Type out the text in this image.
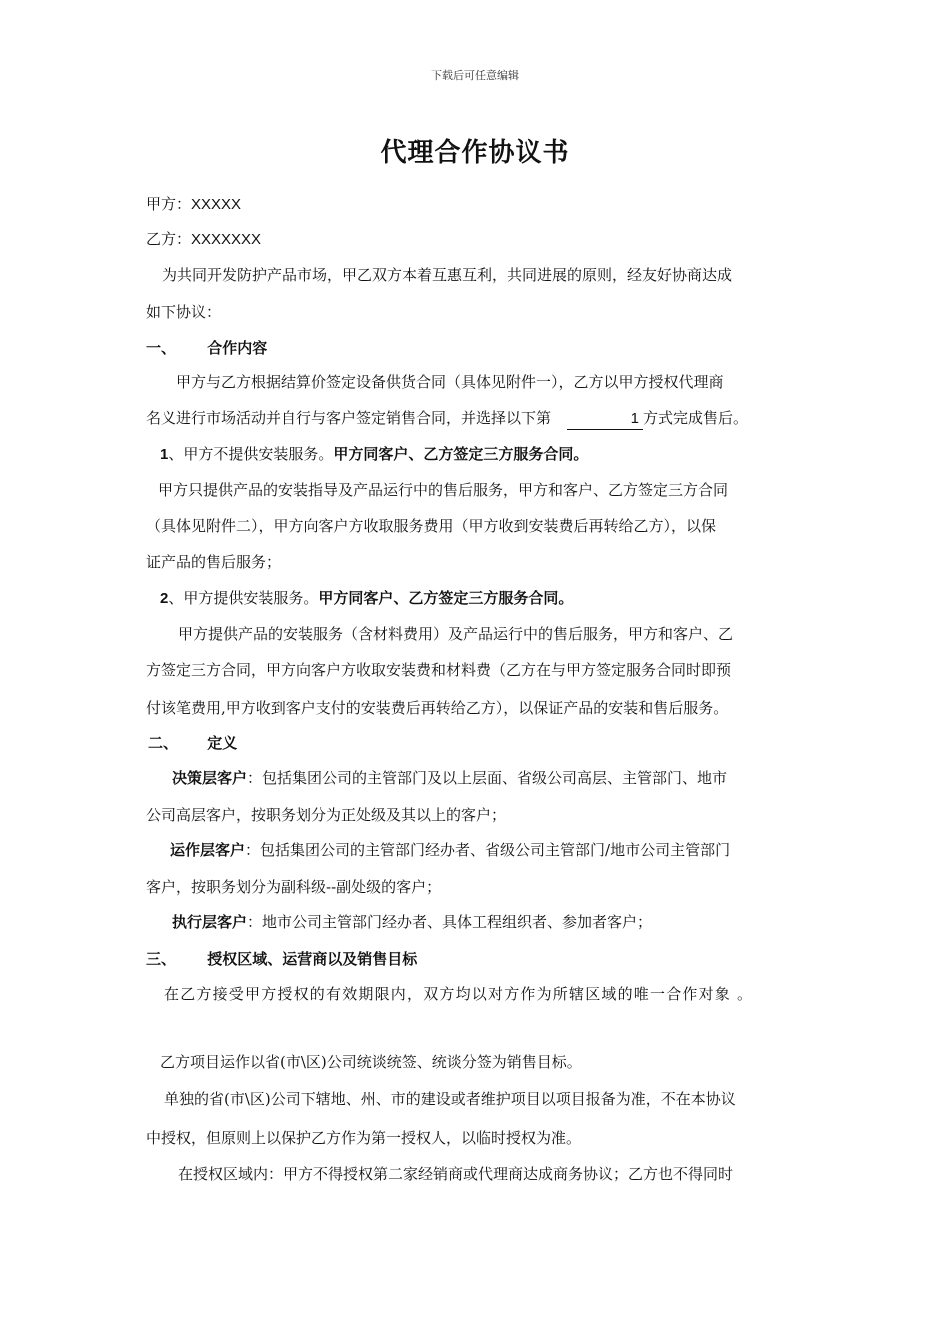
下载后可任意编辑
代理合作协议书
甲方：XXXXX
乙方：XXXXXXX
为共同开发防护产品市场，甲乙双方本着互惠互利，共同进展的原则，经友好协商达成
如下协议：
一、 合作内容
甲方与乙方根据结算价签定设备供货合同（具体见附件一），乙方以甲方授权代理商
名义进行市场活动并自行与客户签定销售合同，并选择以下第	1 方式完成售后。
1、甲方不提供安装服务。甲方同客户、乙方签定三方服务合同。
甲方只提供产品的安装指导及产品运行中的售后服务，甲方和客户、乙方签定三方合同
（具体见附件二），甲方向客户方收取服务费用（甲方收到安装费后再转给乙方），以保
证产品的售后服务；
2、甲方提供安装服务。甲方同客户、乙方签定三方服务合同。
甲方提供产品的安装服务（含材料费用）及产品运行中的售后服务，甲方和客户、乙
方签定三方合同，甲方向客户方收取安装费和材料费（乙方在与甲方签定服务合同时即预
付该笔费用,甲方收到客户支付的安装费后再转给乙方），以保证产品的安装和售后服务。
二、 定义
决策层客户：包括集团公司的主管部门及以上层面、省级公司高层、主管部门、地市
公司高层客户，按职务划分为正处级及其以上的客户；
运作层客户：包括集团公司的主管部门经办者、省级公司主管部门/地市公司主管部门
客户，按职务划分为副科级--副处级的客户；
执行层客户：地市公司主管部门经办者、具体工程组织者、参加者客户；
三、 授权区域、运营商以及销售目标
在乙方接受甲方授权的有效期限内，双方均以对方作为所辖区域的唯一合作对象 。
乙方项目运作以省(市\区)公司统谈统签、统谈分签为销售目标。
单独的省(市\区)公司下辖地、州、市的建设或者维护项目以项目报备为准，不在本协议
中授权，但原则上以保护乙方作为第一授权人，以临时授权为准。
在授权区域内：甲方不得授权第二家经销商或代理商达成商务协议；乙方也不得同时
